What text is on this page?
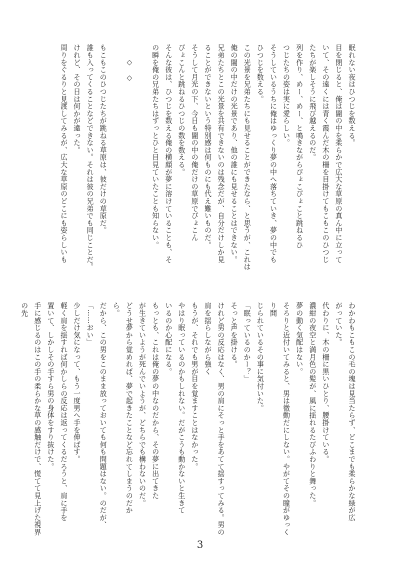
眠れない夜はひつじを数える。
目を閉じると、俺は闇の中を柔らかで広大な草原の真ん中に立って
いて、その遠くには青く霞んだ木の柵を目掛けてもこもこのひつじ
たちが楽しそうに飛び越えるのだ。
列を作り、めー、めー、と鳴きながらぴょこぴょこと跳ねるひ
つじたちの姿は実に愛らしい。
そうしているうちに俺はゆっくり夢の中へ落ちていき、夢の中でも
ひつじを数える。
この光景を兄弟たちにも見せることができたなら、と思うが、これは
俺の闇の中だけの光景であり、他の誰にも見せることはできない。
兄弟たちとこの光景を共有できないのは残念だが、自分だけしか見
ることができないという特別感は何ものにも代え難いものだ。
そうして月光の下、今日も闇の中の俺だけの草原でぴょこん
ぴょこんと跳ねるひつじの数を数える。
そんな彼は、ひつじを数える俺の横顔が夢に溶けていることも、そ
の瞬を俺の兄弟たちはずっとひと目見ていたことも知らない。

　　◇　◇

もこもこのひつじたちが跳ねる草原は、彼だけの草原だ。
誰も入ってくることなどできない。それは彼の兄弟でも同じことだ。
けれど、その日は何かが違った。
周りをぐるりと見渡してみるが、広大な草原のどこにも姿らしいも
わかわもこもこの毛の塊は見当たらず、どこまでも柔らかな緑が広
がっていた。
代わりに、木の柵に黒いひとり、腰掛けている。
濃紺の夜空と満月色の髪が、風に揺れるたびふわりと舞った。
夢の動く気配はない。
そろりと近付いてみると、男は微動だにしない。やがてその瞳がゆっくり開
じられているその事に気付いた。
「眠っているのかー？」
そっと声を掛ける。
けれど男の反応はなく、男の肩にそっと手をあてて揺すってみる。男の肩を揺らしながら強く
もうが、それでも男が目を覚ますことはなかった。
やはり眠っているのかもしれない。だがこうも動かないと生きて
いるのか心配になる。
もっとも、これは俺の夢の中なのだから、その夢に出てきた
が生きていようが死んでいようが、どちらでも構わないのだ。
どうせ夢から覚めれば、夢で起きたことなど忘れてしまうのだか
ら。
だから、この男をこのまま放っておいても何も問題はない。のだが、
「……おい」
少しだけ気になって、もう一度男へ手を伸ばす。
軽く肩を揺すれば何かしらの反応は返ってくるだろうと、肩に手を
置いて、しかしその手すら男の身体をすり抜けた。
手に感じるのはこの手の柔らかな草の感触だけで、慌てて見上げた視界の先
3
